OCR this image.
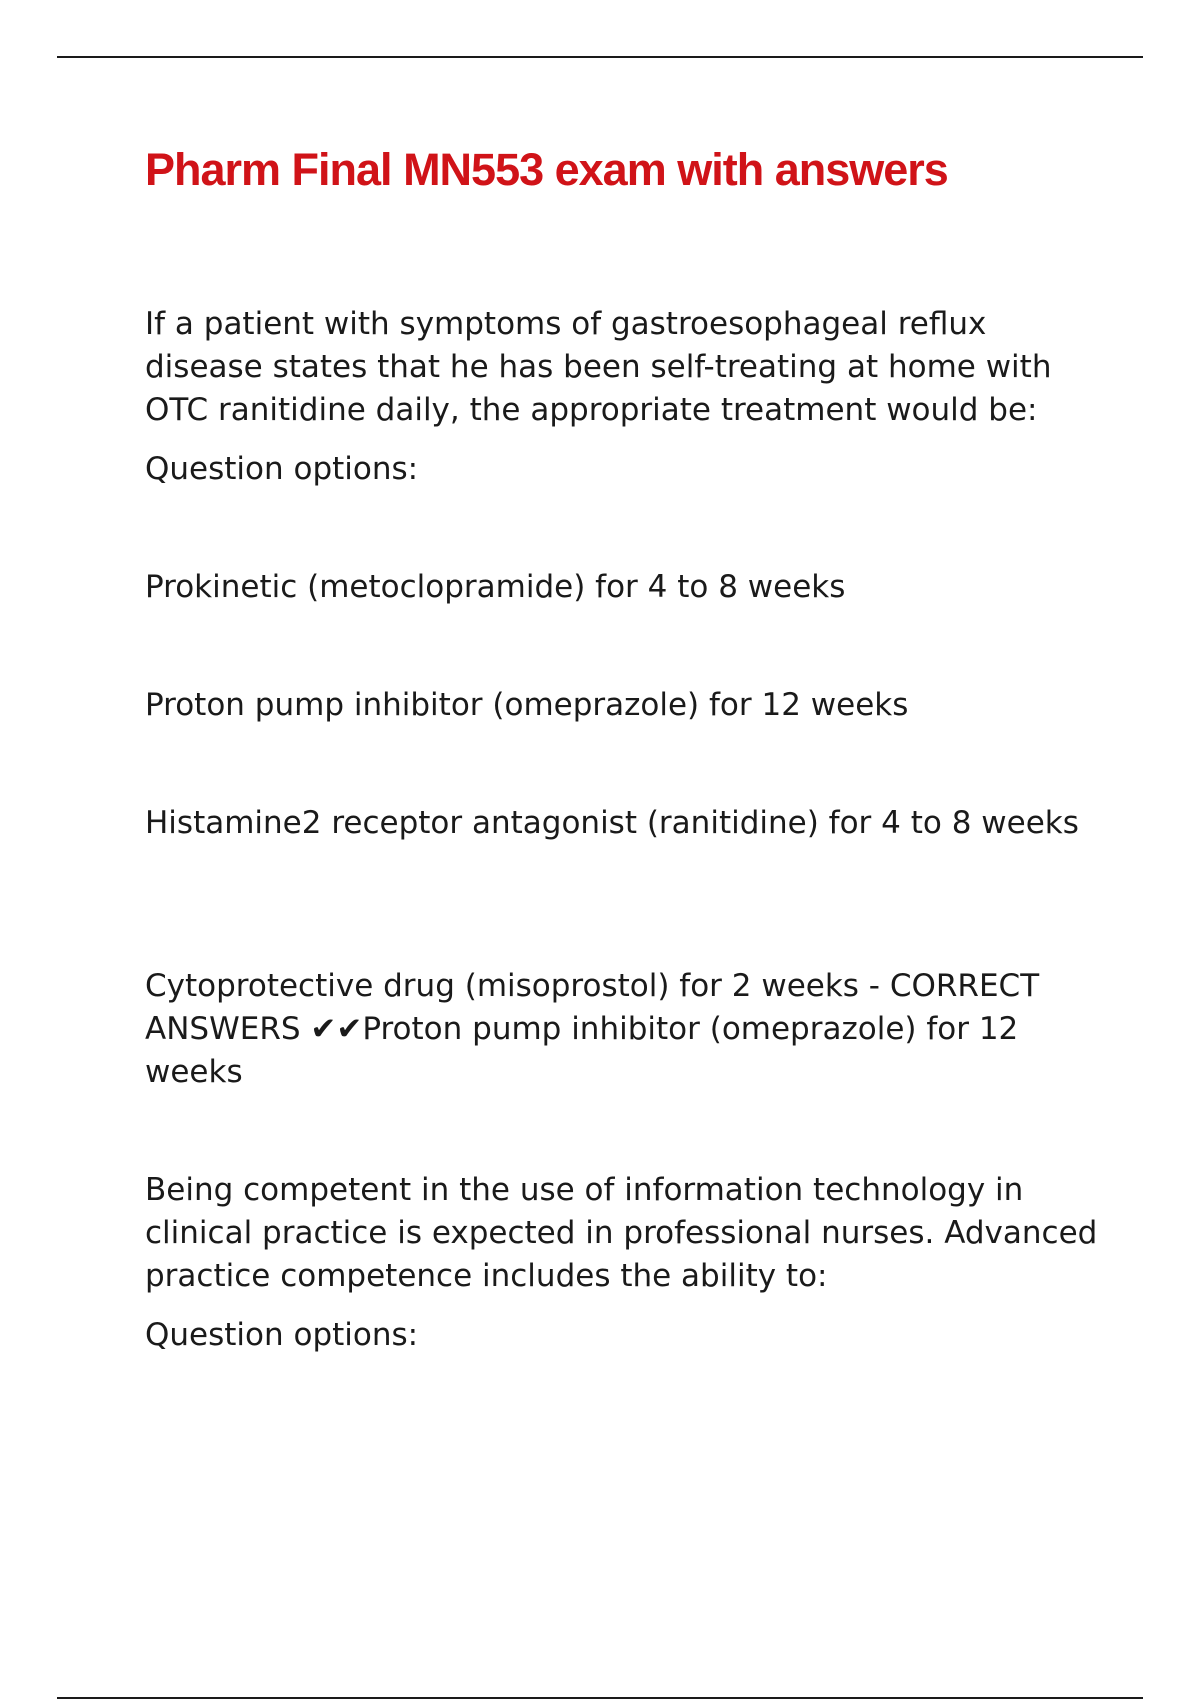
Pharm Final MN553 exam with answers

If a patient with symptoms of gastroesophageal reflux disease states that he has been self-treating at home with OTC ranitidine daily, the appropriate treatment would be:

Question options:

Prokinetic (metoclopramide) for 4 to 8 weeks

Proton pump inhibitor (omeprazole) for 12 weeks

Histamine2 receptor antagonist (ranitidine) for 4 to 8 weeks

Cytoprotective drug (misoprostol) for 2 weeks - CORRECT ANSWERS ✔✔Proton pump inhibitor (omeprazole) for 12 weeks

Being competent in the use of information technology in clinical practice is expected in professional nurses. Advanced practice competence includes the ability to:

Question options:
